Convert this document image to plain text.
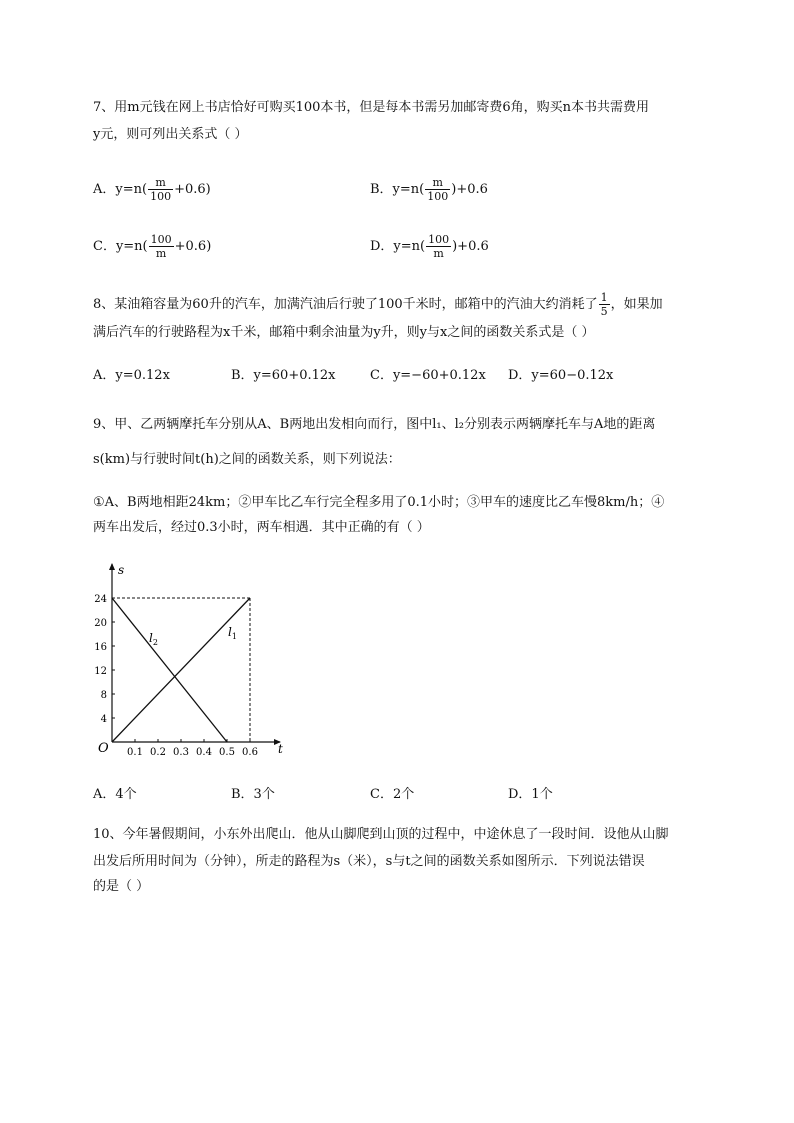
7、用m元钱在网上书店恰好可购买100本书，但是每本书需另加邮寄费6角，购买n本书共需费用
y元，则可列出关系式（ ）
A．$y=n( \frac{m}{100} +0.6)$	B．$y=n( \frac{m}{100} )+0.6$
C．$y=n( \frac{100}{m} +0.6)$	D．$y=n( \frac{100}{m} )+0.6$
8、某油箱容量为60升的汽车，加满汽油后行驶了100千米时，邮箱中的汽油大约消耗了 $\frac{1}{5}$ ，如果加
满后汽车的行驶路程为x千米，邮箱中剩余油量为y升，则y与x之间的函数关系式是（ ）
A．y=0.12x	B．y=60+0.12x	C．y=−60+0.12x D．y=60−0.12x
9、甲、乙两辆摩托车分别从A、B两地出发相向而行，图中l₁、l₂分别表示两辆摩托车与A地的距离
s(km)与行驶时间t(h)之间的函数关系，则下列说法：
①A、B两地相距24km；②甲车比乙车行完全程多用了0.1小时；③甲车的速度比乙车慢8km/h；④
两车出发后，经过0.3小时，两车相遇．其中正确的有（ ）
t
s
O 0.1 0.2 0.3 0.4 0.5 0.6
4
8
12
16
20
24
$l_1$
$l_2$
A．4个	B．3个	C．2个	D．1个
10、今年暑假期间，小东外出爬山．他从山脚爬到山顶的过程中，中途休息了一段时间．设他从山脚
出发后所用时间为（分钟），所走的路程为s（米），s与t之间的函数关系如图所示．下列说法错误
的是（ ）
